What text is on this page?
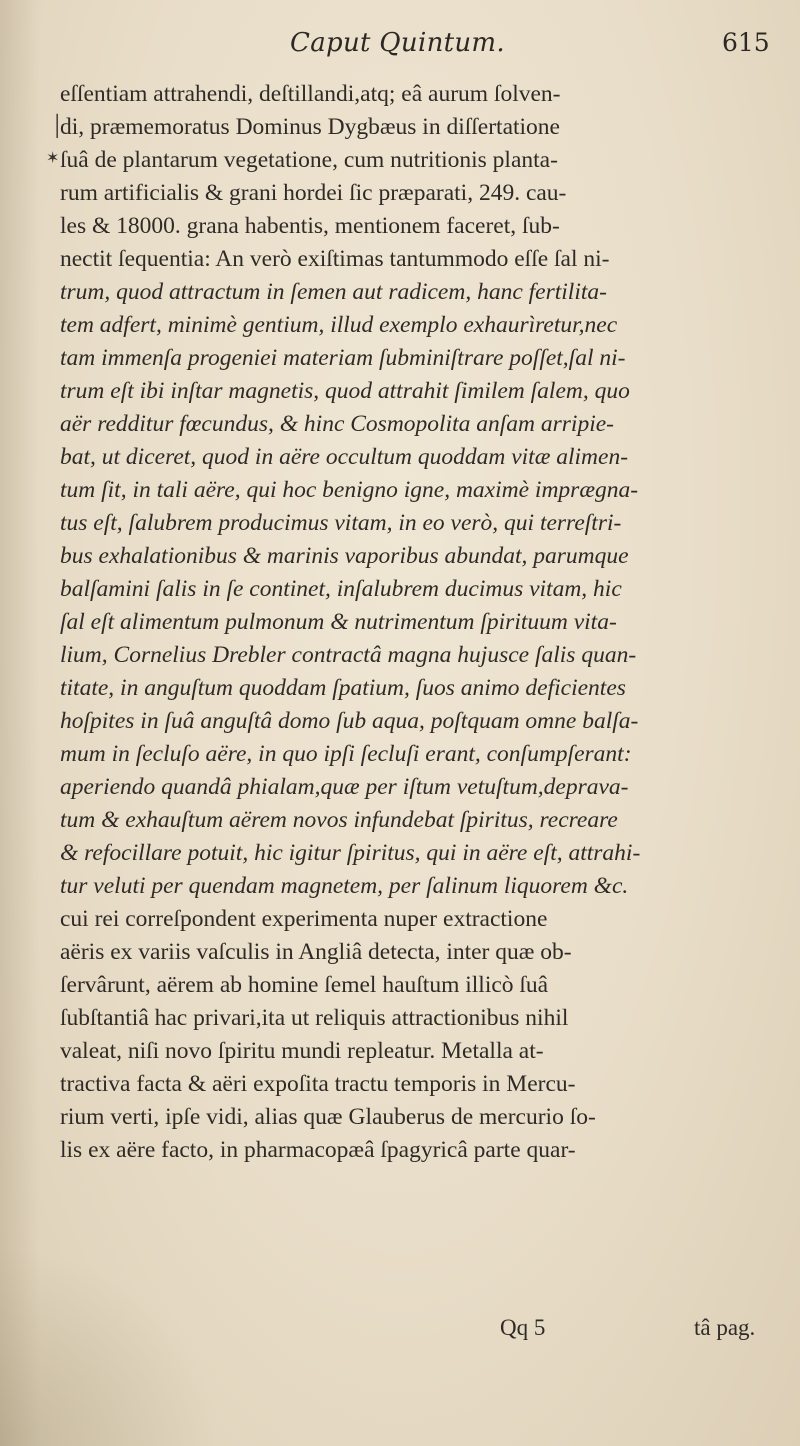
Caput Quintum.	615
│
✶
eſſentiam attrahendi, deſtillandi,atq; eâ aurum ſolven-
di, præmemoratus Dominus Dygbæus in diſſertatione
ſuâ de plantarum vegetatione, cum nutritionis planta-
rum artificialis & grani hordei ſic præparati, 249. cau-
les & 18000. grana habentis, mentionem faceret, ſub-
nectit ſequentia: An verò exiſtimas tantummodo eſſe ſal ni-
trum, quod attractum in ſemen aut radicem, hanc fertilita-
tem adfert, minimè gentium, illud exemplo exhaurìretur,nec
tam immenſa progeniei materiam ſubminiſtrare poſſet,ſal ni-
trum eſt ibi inſtar magnetis, quod attrahit ſimilem ſalem, quo
aër redditur fœcundus, & hinc Cosmopolita anſam arripie-
bat, ut diceret, quod in aëre occultum quoddam vitæ alimen-
tum ſit, in tali aëre, qui hoc benigno igne, maximè imprægna-
tus eſt, ſalubrem producimus vitam, in eo verò, qui terreſtri-
bus exhalationibus & marinis vaporibus abundat, parumque
balſamini ſalis in ſe continet, inſalubrem ducimus vitam, hic
ſal eſt alimentum pulmonum & nutrimentum ſpirituum vita-
lium, Cornelius Drebler contractâ magna hujusce ſalis quan-
titate, in anguſtum quoddam ſpatium, ſuos animo deficientes
hoſpites in ſuâ anguſtâ domo ſub aqua, poſtquam omne balſa-
mum in ſecluſo aëre, in quo ipſi ſecluſi erant, conſumpſerant:
aperiendo quandâ phialam,quæ per iſtum vetuſtum,deprava-
tum & exhauſtum aërem novos infundebat ſpiritus, recreare
& refocillare potuit, hic igitur ſpiritus, qui in aëre eſt, attrahi-
tur veluti per quendam magnetem, per ſalinum liquorem &c.
cui rei correſpondent experimenta nuper extractione
aëris ex variis vaſculis in Angliâ detecta, inter quæ ob-
ſervârunt, aërem ab homine ſemel hauſtum illicò ſuâ
ſubſtantiâ hac privari,ita ut reliquis attractionibus nihil
valeat, niſi novo ſpiritu mundi repleatur. Metalla at-
tractiva facta & aëri expoſita tractu temporis in Mercu-
rium verti, ipſe vidi, alias quæ Glauberus de mercurio ſo-
lis ex aëre facto, in pharmacopæâ ſpagyricâ parte quar-
Qq 5	tâ pag.
